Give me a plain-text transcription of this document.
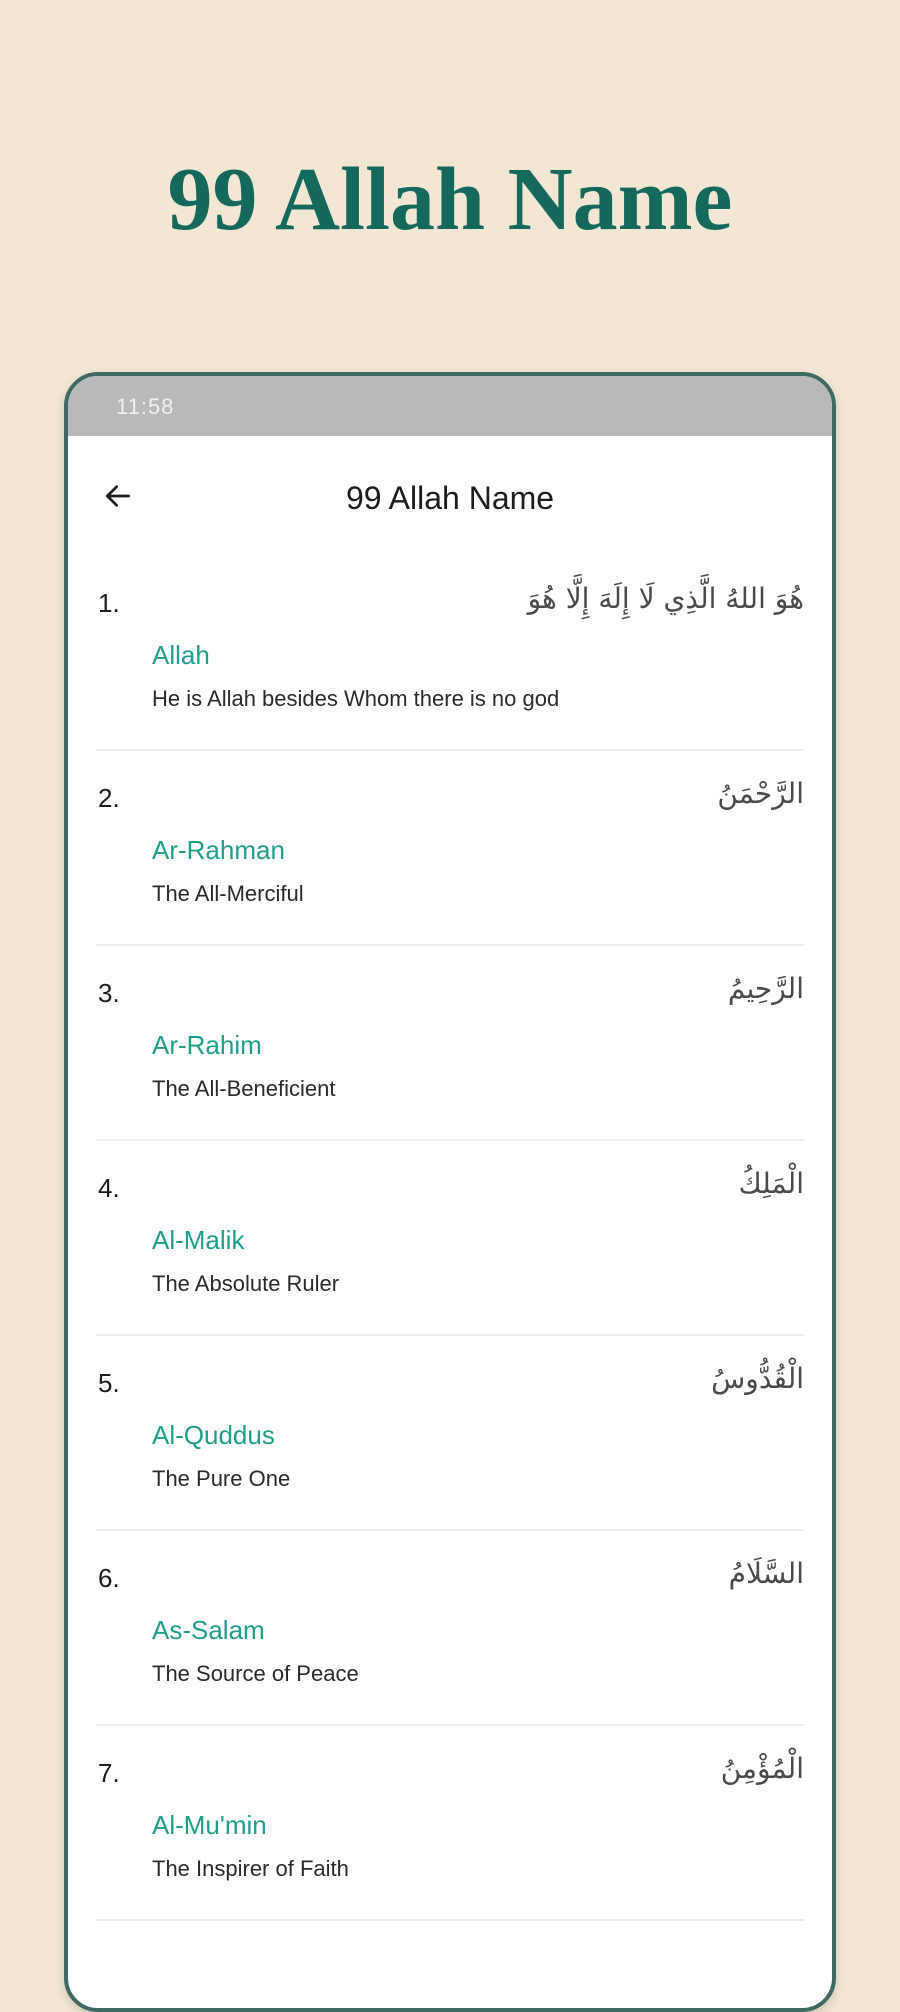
99 Allah Name
11:58
99 Allah Name
1.	هُوَ اللهُ الَّذِي لَا إِلَهَ إِلَّا هُوَ
Allah
He is Allah besides Whom there is no god
2.	الرَّحْمَنُ
Ar-Rahman
The All-Merciful
3.	الرَّحِيمُ
Ar-Rahim
The All-Beneficient
4.	الْمَلِكُ
Al-Malik
The Absolute Ruler
5.	الْقُدُّوسُ
Al-Quddus
The Pure One
6.	السَّلَامُ
As-Salam
The Source of Peace
7.	الْمُؤْمِنُ
Al-Mu'min
The Inspirer of Faith
